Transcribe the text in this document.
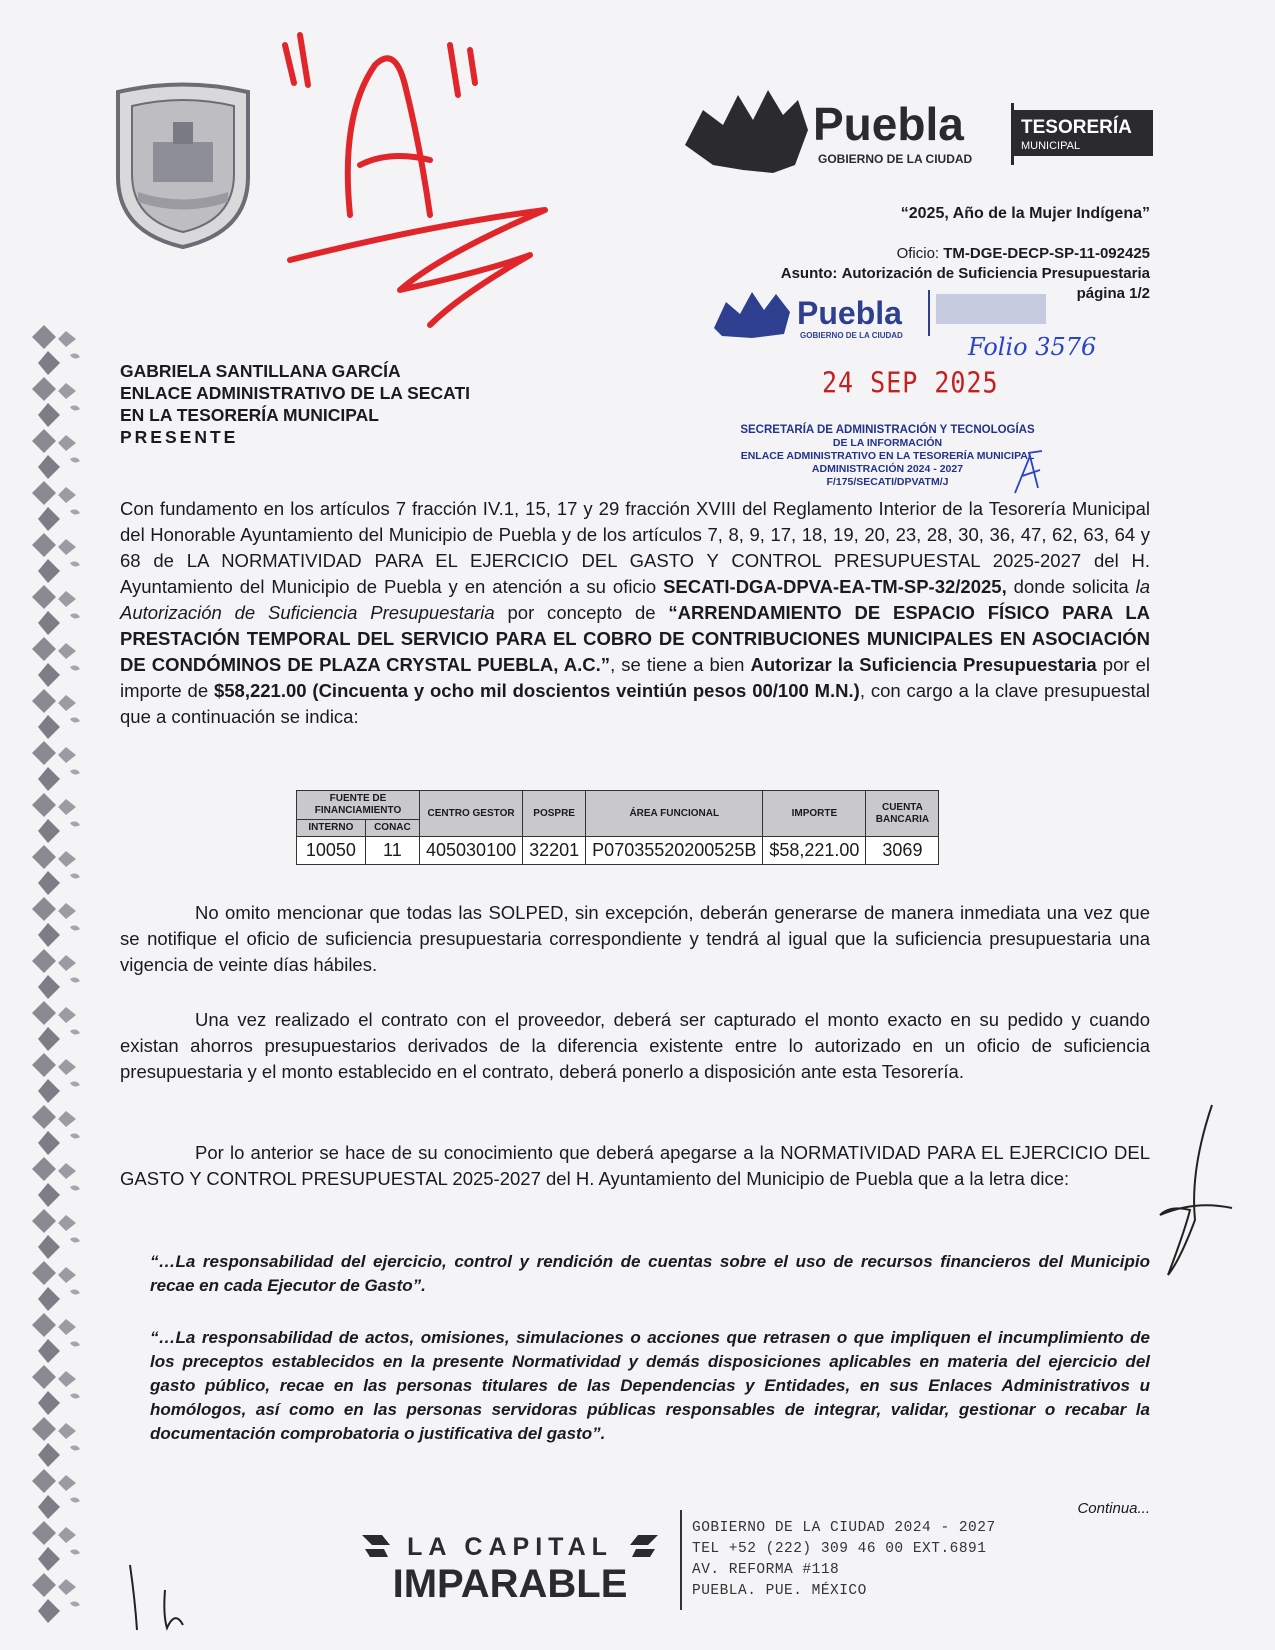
Puebla
GOBIERNO DE LA CIUDAD
TESORERÍA
MUNICIPAL
“2025, Año de la Mujer Indígena”
Oficio: TM-DGE-DECP-SP-11-092425
Asunto: Autorización de Suficiencia Presupuestaria
página 1/2
Puebla
GOBIERNO DE LA CIUDAD	Folio 3576
24 SEP 2025
SECRETARÍA DE ADMINISTRACIÓN Y TECNOLOGÍAS
DE LA INFORMACIÓN
ENLACE ADMINISTRATIVO EN LA TESORERÍA MUNICIPAL
ADMINISTRACIÓN 2024 - 2027
F/175/SECATI/DPVATM/J
GABRIELA SANTILLANA GARCÍA
ENLACE ADMINISTRATIVO DE LA SECATI
EN LA TESORERÍA MUNICIPAL
PRESENTE
Con fundamento en los artículos 7 fracción IV.1, 15, 17 y 29 fracción XVIII del Reglamento Interior de la Tesorería Municipal del Honorable Ayuntamiento del Municipio de Puebla y de los artículos 7, 8, 9, 17, 18, 19, 20, 23, 28, 30, 36, 47, 62, 63, 64 y 68 de LA NORMATIVIDAD PARA EL EJERCICIO DEL GASTO Y CONTROL PRESUPUESTAL 2025-2027 del H. Ayuntamiento del Municipio de Puebla y en atención a su oficio SECATI-DGA-DPVA-EA-TM-SP-32/2025, donde solicita la Autorización de Suficiencia Presupuestaria por concepto de “ARRENDAMIENTO DE ESPACIO FÍSICO PARA LA PRESTACIÓN TEMPORAL DEL SERVICIO PARA EL COBRO DE CONTRIBUCIONES MUNICIPALES EN ASOCIACIÓN DE CONDÓMINOS DE PLAZA CRYSTAL PUEBLA, A.C.”, se tiene a bien Autorizar la Suficiencia Presupuestaria por el importe de $58,221.00 (Cincuenta y ocho mil doscientos veintiún pesos 00/100 M.N.), con cargo a la clave presupuestal que a continuación se indica:
FUENTE DE FINANCIAMIENTO		CENTRO GESTOR	POSPRE	ÁREA FUNCIONAL	IMPORTE	CUENTA BANCARIA
INTERNO	CONAC					
10050	11	405030100	32201	P07035520200525B	$58,221.00	3069
No omito mencionar que todas las SOLPED, sin excepción, deberán generarse de manera inmediata una vez que se notifique el oficio de suficiencia presupuestaria correspondiente y tendrá al igual que la suficiencia presupuestaria una vigencia de veinte días hábiles.
Una vez realizado el contrato con el proveedor, deberá ser capturado el monto exacto en su pedido y cuando existan ahorros presupuestarios derivados de la diferencia existente entre lo autorizado en un oficio de suficiencia presupuestaria y el monto establecido en el contrato, deberá ponerlo a disposición ante esta Tesorería.
Por lo anterior se hace de su conocimiento que deberá apegarse a la NORMATIVIDAD PARA EL EJERCICIO DEL GASTO Y CONTROL PRESUPUESTAL 2025-2027 del H. Ayuntamiento del Municipio de Puebla que a la letra dice:
“…La responsabilidad del ejercicio, control y rendición de cuentas sobre el uso de recursos financieros del Municipio recae en cada Ejecutor de Gasto”.
“…La responsabilidad de actos, omisiones, simulaciones o acciones que retrasen o que impliquen el incumplimiento de los preceptos establecidos en la presente Normatividad y demás disposiciones aplicables en materia del ejercicio del gasto público, recae en las personas titulares de las Dependencias y Entidades, en sus Enlaces Administrativos u homólogos, así como en las personas servidoras públicas responsables de integrar, validar, gestionar o recabar la documentación comprobatoria o justificativa del gasto”.
Continua...
LA CAPITAL
IMPARABLE
GOBIERNO DE LA CIUDAD 2024 - 2027
TEL +52 (222) 309 46 00 EXT.6891
AV. REFORMA #118
PUEBLA. PUE. MÉXICO
